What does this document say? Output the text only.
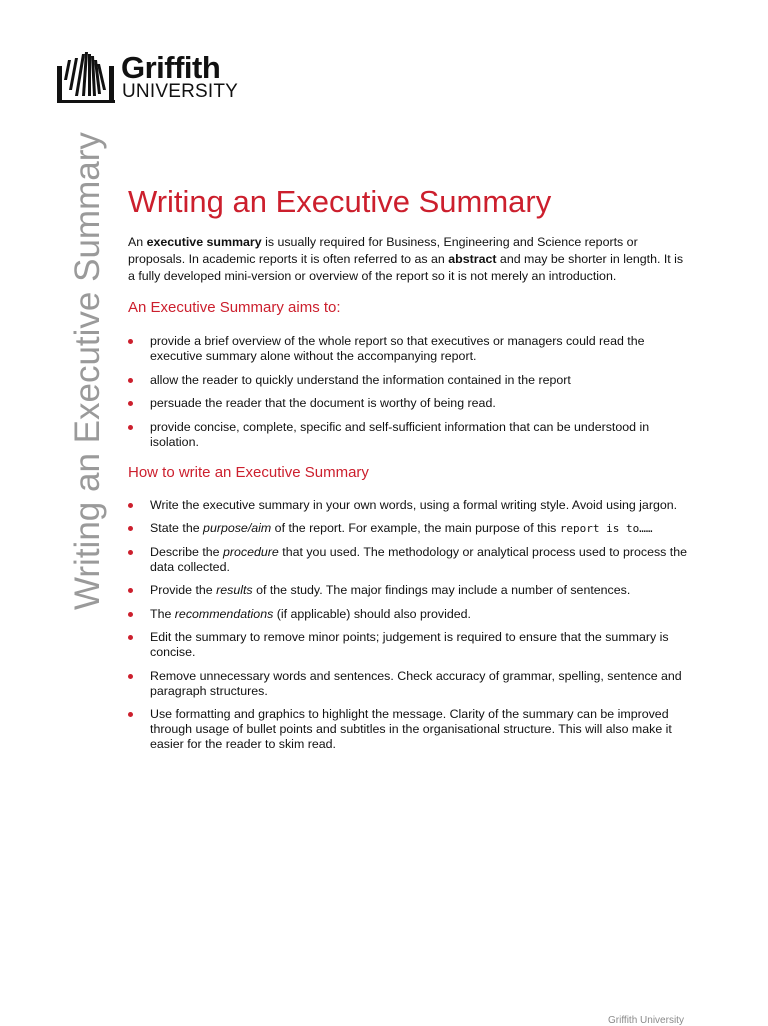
Griffith
UNIVERSITY
Writing an Executive Summary Writing an Executive Summary

An executive summary is usually required for Business, Engineering and Science reports or proposals. In academic reports it is often referred to as an abstract and may be shorter in length. It is a fully developed mini-version or overview of the report so it is not merely an introduction.

An Executive Summary aims to:
provide a brief overview of the whole report so that executives or managers could read the executive summary alone without the accompanying report.
allow the reader to quickly understand the information contained in the report
persuade the reader that the document is worthy of being read.
provide concise, complete, specific and self-sufficient information that can be understood in isolation.
How to write an Executive Summary
Write the executive summary in your own words, using a formal writing style. Avoid using jargon.
State the purpose/aim of the report. For example, the main purpose of this report is to……
Describe the procedure that you used. The methodology or analytical process used to process the data collected.
Provide the results of the study. The major findings may include a number of sentences.
The recommendations (if applicable) should also provided.
Edit the summary to remove minor points; judgement is required to ensure that the summary is concise.
Remove unnecessary words and sentences. Check accuracy of grammar, spelling, sentence and paragraph structures.
Use formatting and graphics to highlight the message. Clarity of the summary can be improved through usage of bullet points and subtitles in the organisational structure. This will also make it easier for the reader to skim read.
Griffith University
